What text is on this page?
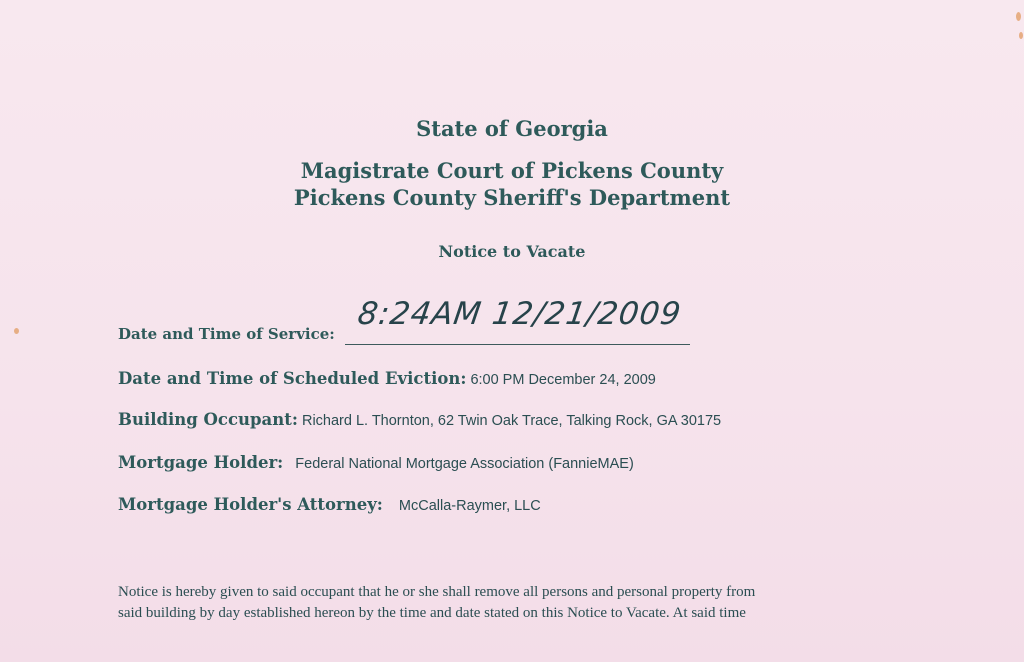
State of Georgia
Magistrate Court of Pickens County
Pickens County Sheriff's Department
Notice to Vacate
Date and Time of Service:
8:24AM 12/21/2009
Date and Time of Scheduled Eviction: 6:00 PM December 24, 2009
Building Occupant: Richard L. Thornton, 62 Twin Oak Trace, Talking Rock, GA 30175
Mortgage Holder: Federal National Mortgage Association (FannieMAE)
Mortgage Holder's Attorney: McCalla-Raymer, LLC
Notice is hereby given to said occupant that he or she shall remove all persons and personal property from
said building by day established hereon by the time and date stated on this Notice to Vacate. At said time
